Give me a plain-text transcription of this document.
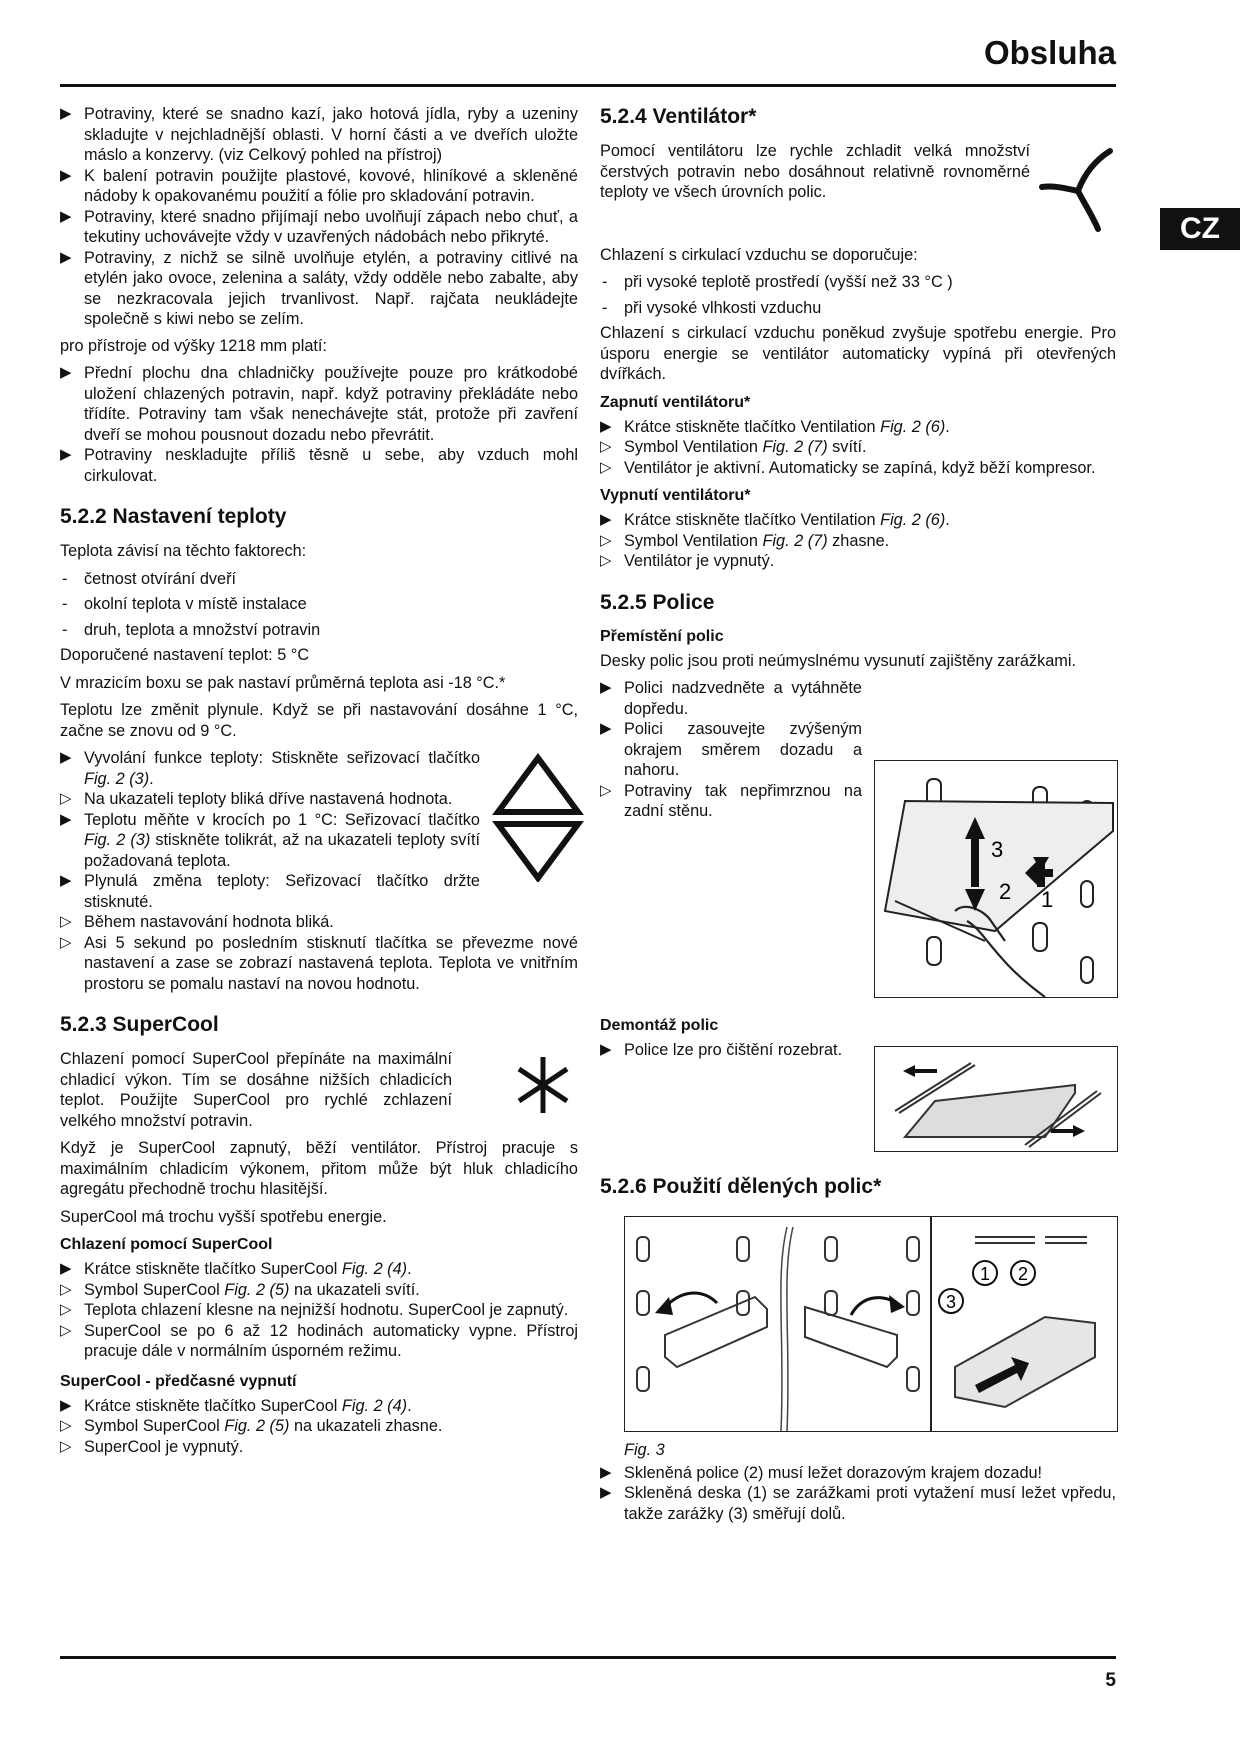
Obsluha
CZ
▶ Potraviny, které se snadno kazí, jako hotová jídla, ryby a uzeniny skladujte v nejchladnější oblasti. V horní části a ve dveřích uložte máslo a konzervy. (viz Celkový pohled na přístroj)
▶ K balení potravin použijte plastové, kovové, hliníkové a skleněné nádoby k opakovanému použití a fólie pro skladování potravin.
▶ Potraviny, které snadno přijímají nebo uvolňují zápach nebo chuť, a tekutiny uchovávejte vždy v uzavřených nádobách nebo přikryté.
▶ Potraviny, z nichž se silně uvolňuje etylén, a potraviny citlivé na etylén jako ovoce, zelenina a saláty, vždy odděle nebo zabalte, aby se nezkracovala jejich trvanlivost. Např. rajčata neukládejte společně s kiwi nebo se zelím.

pro přístroje od výšky 1218 mm platí:

▶ Přední plochu dna chladničky používejte pouze pro krátkodobé uložení chlazených potravin, např. když potraviny překládáte nebo třídíte. Potraviny tam však nenechávejte stát, protože při zavření dveří se mohou pousnout dozadu nebo převrátit.
▶ Potraviny neskladujte příliš těsně u sebe, aby vzduch mohl cirkulovat.
5.2.2 Nastavení teploty

Teplota závisí na těchto faktorech:

- četnost otvírání dveří
- okolní teplota v místě instalace
- druh, teplota a množství potravin

Doporučené nastavení teplot: 5 °C

V mrazicím boxu se pak nastaví průměrná teplota asi -18 °C.*

Teplotu lze změnit plynule. Když se při nastavování dosáhne 1 °C, začne se znovu od 9 °C.

▶ Vyvolání funkce teploty: Stiskněte seřizovací tlačítko Fig. 2 (3).
▷ Na ukazateli teploty bliká dříve nastavená hodnota.
▶ Teplotu měňte v krocích po 1 °C: Seřizovací tlačítko Fig. 2 (3) stiskněte tolikrát, až na ukazateli teploty svítí požadovaná teplota.
▶ Plynulá změna teploty: Seřizovací tlačítko držte stisknuté.
▷ Během nastavování hodnota bliká.
▷ Asi 5 sekund po posledním stisknutí tlačítka se převezme nové nastavení a zase se zobrazí nastavená teplota. Teplota ve vnitřním prostoru se pomalu nastaví na novou hodnotu.
5.2.3 SuperCool

Chlazení pomocí SuperCool přepínáte na maximální chladicí výkon. Tím se dosáhne nižších chladicích teplot. Použijte SuperCool pro rychlé zchlazení velkého množství potravin.

Když je SuperCool zapnutý, běží ventilátor. Přístroj pracuje s maximálním chladicím výkonem, přitom může být hluk chladicího agregátu přechodně trochu hlasitější.

SuperCool má trochu vyšší spotřebu energie.

Chlazení pomocí SuperCool
▶ Krátce stiskněte tlačítko SuperCool Fig. 2 (4).
▷ Symbol SuperCool Fig. 2 (5) na ukazateli svítí.
▷ Teplota chlazení klesne na nejnižší hodnotu. SuperCool je zapnutý.
▷ SuperCool se po 6 až 12 hodinách automaticky vypne. Přístroj pracuje dále v normálním úsporném režimu.
SuperCool - předčasné vypnutí
▶ Krátce stiskněte tlačítko SuperCool Fig. 2 (4).
▷ Symbol SuperCool Fig. 2 (5) na ukazateli zhasne.
▷ SuperCool je vypnutý.
5.2.4 Ventilátor*

Pomocí ventilátoru lze rychle zchladit velká množství čerstvých potravin nebo dosáhnout relativně rovnoměrné teploty ve všech úrovních polic.

Chlazení s cirkulací vzduchu se doporučuje:

- při vysoké teplotě prostředí (vyšší než 33 °C )
- při vysoké vlhkosti vzduchu

Chlazení s cirkulací vzduchu poněkud zvyšuje spotřebu energie. Pro úsporu energie se ventilátor automaticky vypíná při otevřených dvířkách.

Zapnutí ventilátoru*
▶ Krátce stiskněte tlačítko Ventilation Fig. 2 (6).
▷ Symbol Ventilation Fig. 2 (7) svítí.
▷ Ventilátor je aktivní. Automaticky se zapíná, když běží kompresor.
Vypnutí ventilátoru*
▶ Krátce stiskněte tlačítko Ventilation Fig. 2 (6).
▷ Symbol Ventilation Fig. 2 (7) zhasne.
▷ Ventilátor je vypnutý.
5.2.5 Police
Přemístění polic

Desky polic jsou proti neúmyslnému vysunutí zajištěny zarážkami.

▶ Polici nadzvedněte a vytáhněte dopředu.
▶ Polici zasouvejte zvýšeným okrajem směrem dozadu a nahoru.
▷ Potraviny tak nepřimrznou na zadní stěnu.
3
2 1
Demontáž polic
▶ Police lze pro čištění rozebrat.
5.2.6 Použití dělených polic*
1 2
3

Fig. 3

▶ Skleněná police (2) musí ležet dorazovým krajem dozadu!
▶ Skleněná deska (1) se zarážkami proti vytažení musí ležet vpředu, takže zarážky (3) směřují dolů.
5
